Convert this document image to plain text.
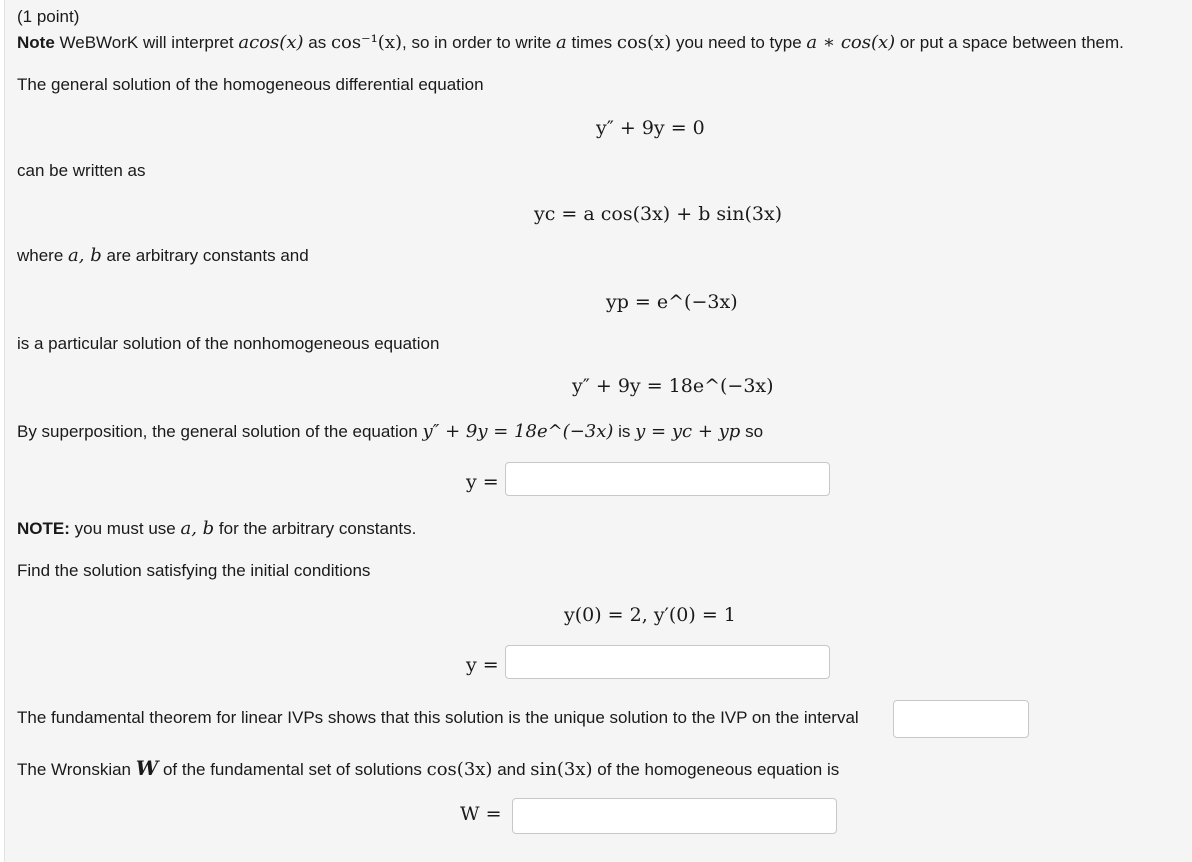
(1 point)
Note WeBWorK will interpret acos(x) as cos⁻¹(x), so in order to write a times cos(x) you need to type a ∗ cos(x) or put a space between them.
The general solution of the homogeneous differential equation
y″ + 9y = 0
can be written as
yc = a cos(3x) + b sin(3x)
where a, b are arbitrary constants and
yp = e^(−3x)
is a particular solution of the nonhomogeneous equation
y″ + 9y = 18e^(−3x)
By superposition, the general solution of the equation y″ + 9y = 18e^(−3x) is y = yc + yp so
y =
NOTE: you must use a, b for the arbitrary constants.
Find the solution satisfying the initial conditions
y(0) = 2, y′(0) = 1
y =
The fundamental theorem for linear IVPs shows that this solution is the unique solution to the IVP on the interval
The Wronskian W of the fundamental set of solutions cos(3x) and sin(3x) of the homogeneous equation is
W =
